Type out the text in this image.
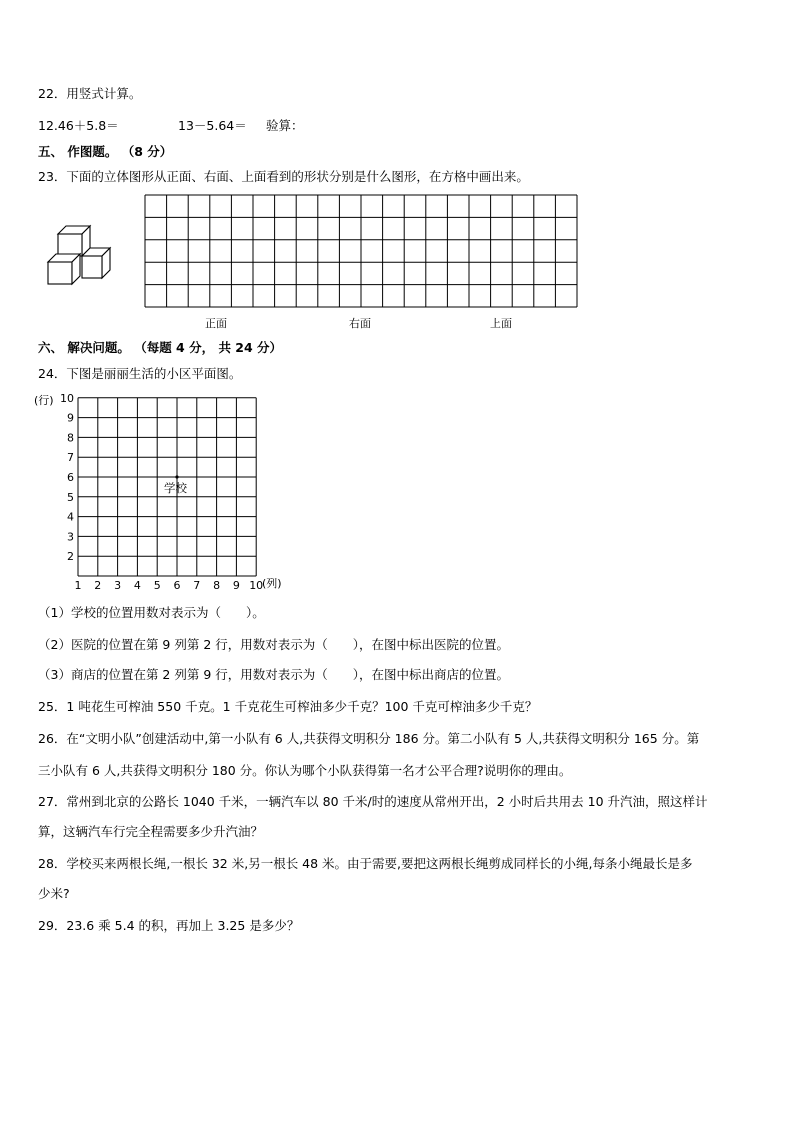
22．用竖式计算。
12.46＋5.8＝	13－5.64＝ 验算：
五、 作图题。 （8 分）
23．下面的立体图形从正面、右面、上面看到的形状分别是什么图形，在方格中画出来。
正面	右面	上面
六、 解决问题。 （每题 4 分， 共 24 分）
24．下图是丽丽生活的小区平面图。
10
9
8
7
6
5
4
3
2
1 2 3 4 5 6 7 8 9 10
(行)
(列)
学校
（1）学校的位置用数对表示为（　　）。
（2）医院的位置在第 9 列第 2 行，用数对表示为（　　），在图中标出医院的位置。
（3）商店的位置在第 2 列第 9 行，用数对表示为（　　），在图中标出商店的位置。
25．1 吨花生可榨油 550 千克。1 千克花生可榨油多少千克？100 千克可榨油多少千克？
26．在“文明小队”创建活动中,第一小队有 6 人,共获得文明积分 186 分。第二小队有 5 人,共获得文明积分 165 分。第
三小队有 6 人,共获得文明积分 180 分。你认为哪个小队获得第一名才公平合理?说明你的理由。
27．常州到北京的公路长 1040 千米，一辆汽车以 80 千米/时的速度从常州开出，2 小时后共用去 10 升汽油，照这样计
算，这辆汽车行完全程需要多少升汽油？
28．学校买来两根长绳,一根长 32 米,另一根长 48 米。由于需要,要把这两根长绳剪成同样长的小绳,每条小绳最长是多
少米?
29．23.6 乘 5.4 的积，再加上 3.25 是多少？
